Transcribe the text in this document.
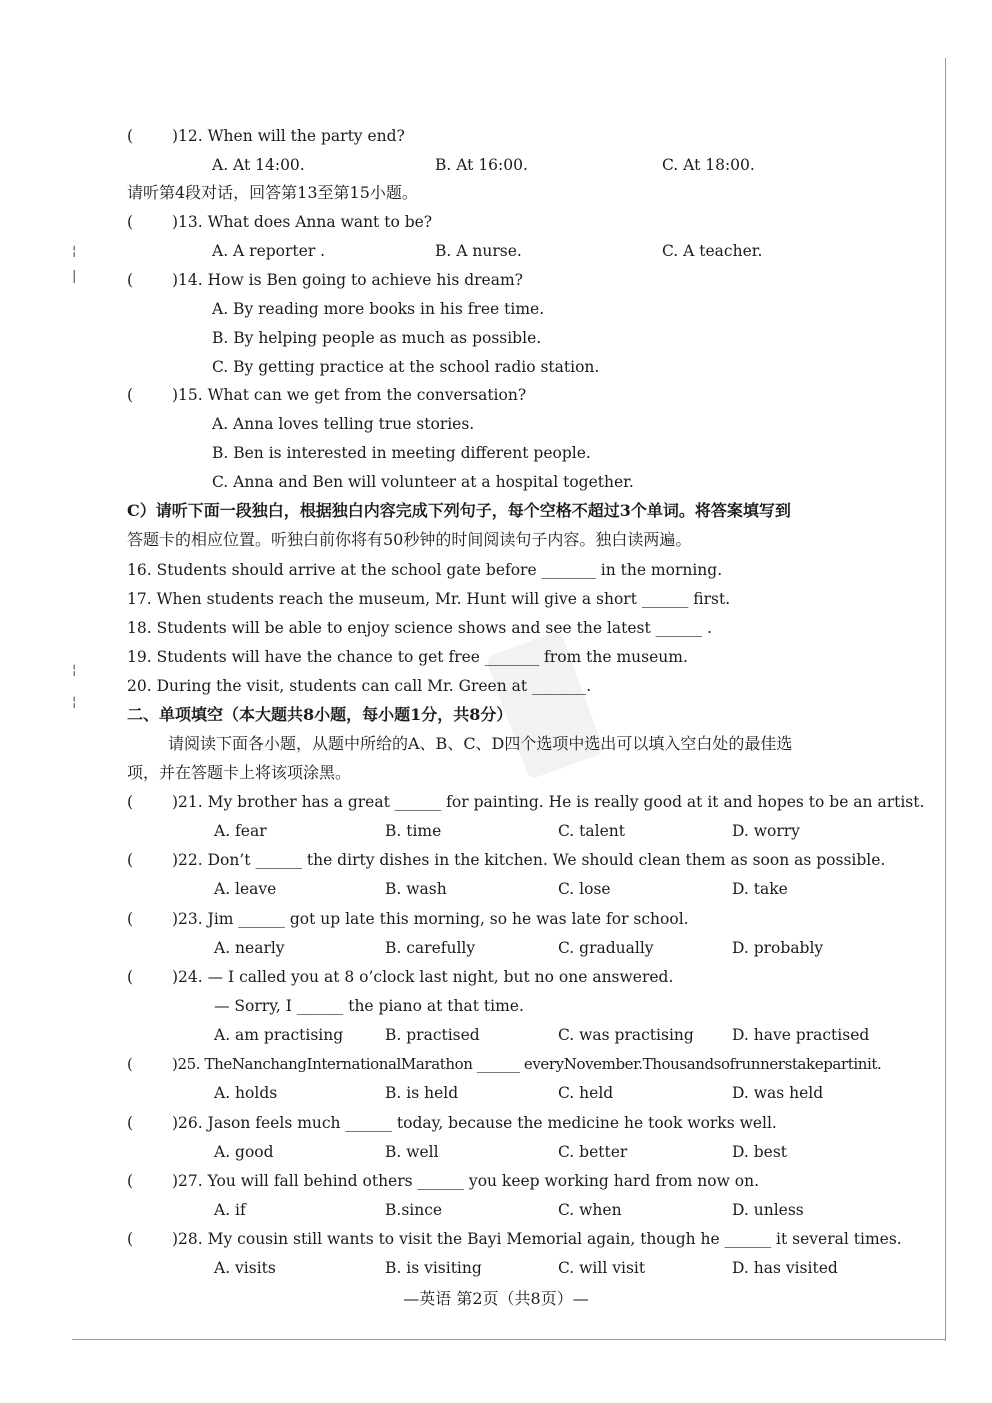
¦
|
¦
¦
(	)12. When will the party end?
A. At 14:00.	B. At 16:00.	C. At 18:00.
请听第4段对话，回答第13至第15小题。
(	)13. What does Anna want to be?
A. A reporter .	B. A nurse.	C. A teacher.
(	)14. How is Ben going to achieve his dream?
A. By reading more books in his free time.
B. By helping people as much as possible.
C. By getting practice at the school radio station.
(	)15. What can we get from the conversation?
A. Anna loves telling true stories.
B. Ben is interested in meeting different people.
C. Anna and Ben will volunteer at a hospital together.
C）请听下面一段独白，根据独白内容完成下列句子，每个空格不超过3个单词。将答案填写到
答题卡的相应位置。听独白前你将有50秒钟的时间阅读句子内容。独白读两遍。
16. Students should arrive at the school gate before _______ in the morning.
17. When students reach the museum, Mr. Hunt will give a short ______ first.
18. Students will be able to enjoy science shows and see the latest ______ .
19. Students will have the chance to get free _______ from the museum.
20. During the visit, students can call Mr. Green at _______.
二、单项填空（本大题共8小题，每小题1分，共8分）
请阅读下面各小题，从题中所给的A、B、C、D四个选项中选出可以填入空白处的最佳选
项，并在答题卡上将该项涂黑。
(	)21. My brother has a great ______ for painting. He is really good at it and hopes to be an artist.
A. fear	B. time	C. talent	D. worry
(	)22. Don’t ______ the dirty dishes in the kitchen. We should clean them as soon as possible.
A. leave	B. wash	C. lose	D. take
(	)23. Jim ______ got up late this morning, so he was late for school.
A. nearly	B. carefully	C. gradually	D. probably
(	)24. — I called you at 8 o’clock last night, but no one answered.
— Sorry, I ______ the piano at that time.
A. am practising	B. practised	C. was practising D. have practised
(	)25. TheNanchangInternationalMarathon ______ everyNovember.Thousandsofrunnerstakepartinit.
A. holds	B. is held	C. held	D. was held
(	)26. Jason feels much ______ today, because the medicine he took works well.
A. good	B. well	C. better	D. best
(	)27. You will fall behind others ______ you keep working hard from now on.
A. if	B.since	C. when	D. unless
(	)28. My cousin still wants to visit the Bayi Memorial again, though he ______ it several times.
A. visits	B. is visiting	C. will visit	D. has visited
—英语 第2页（共8页）—
